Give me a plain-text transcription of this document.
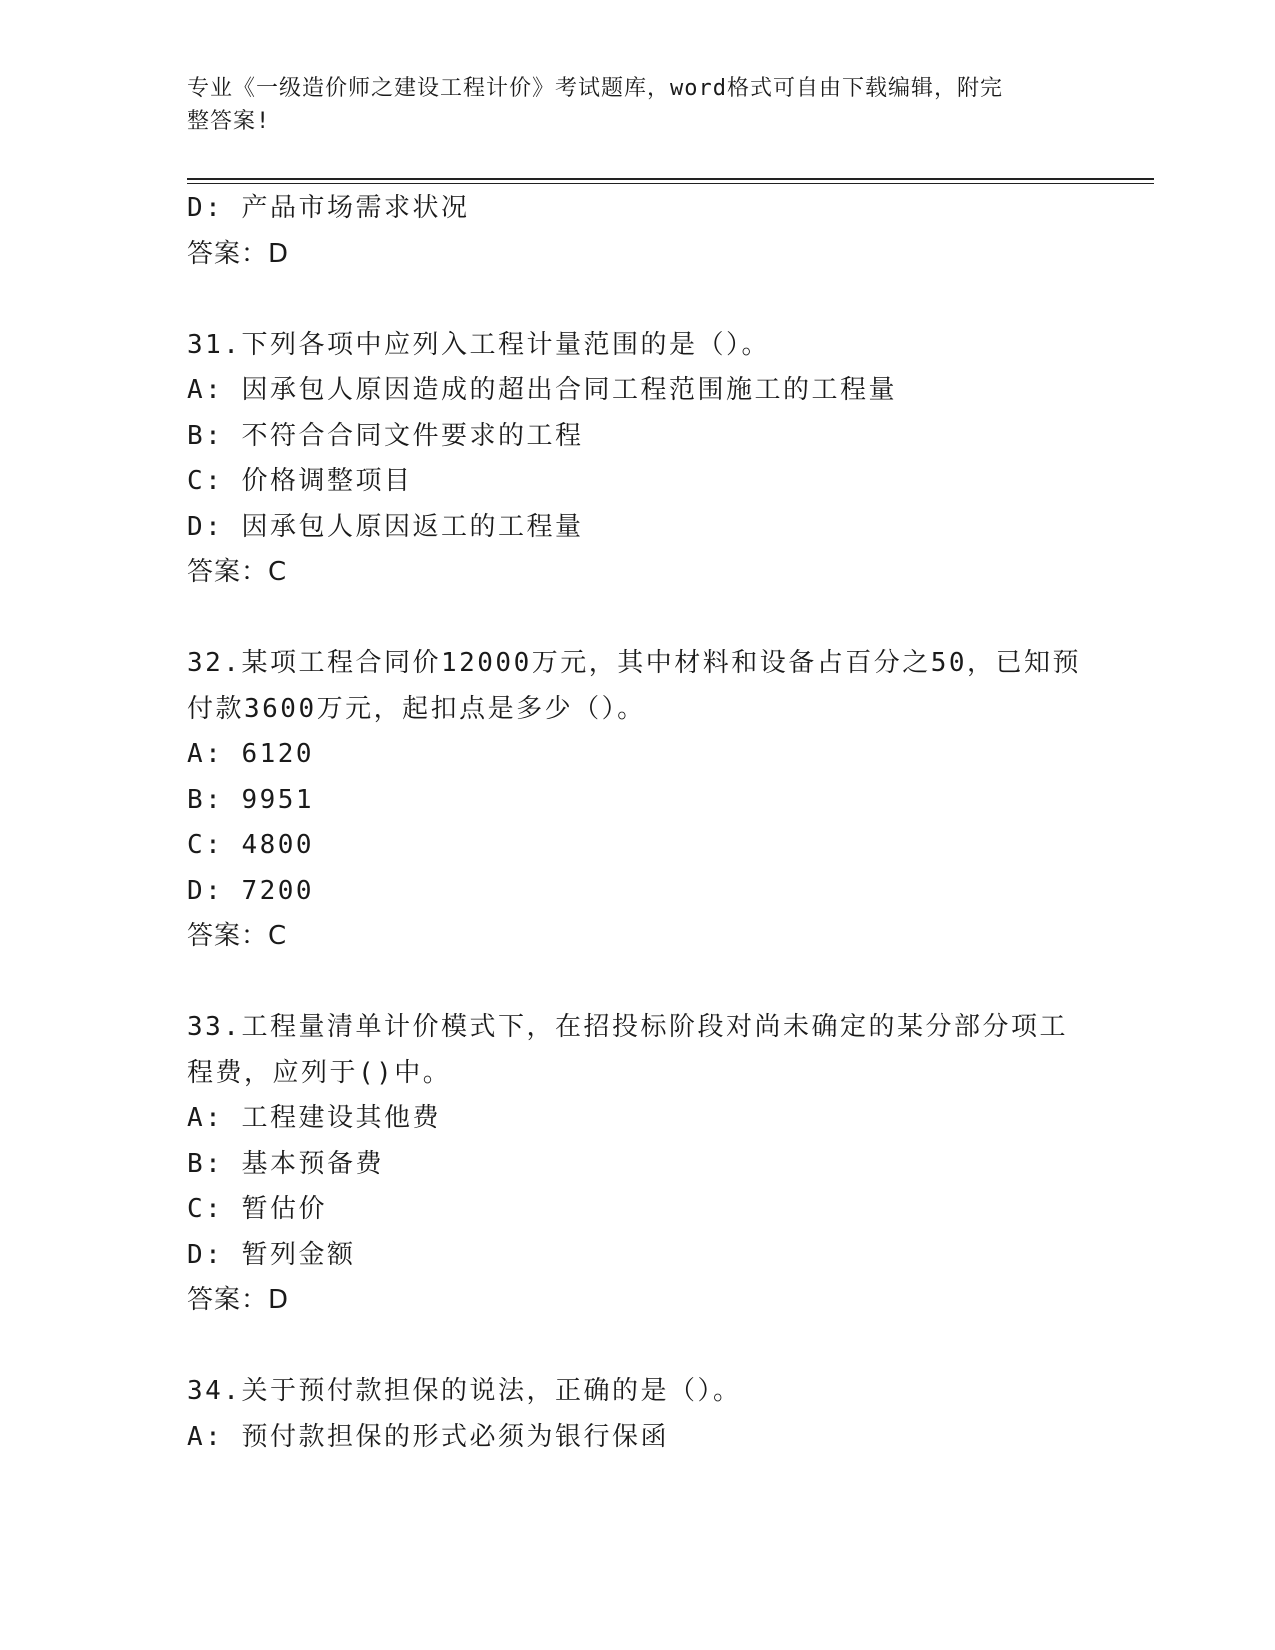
专业《一级造价师之建设工程计价》考试题库，word格式可自由下载编辑，附完
整答案!
D: 产品市场需求状况
答案：D
31.下列各项中应列入工程计量范围的是（）。
A: 因承包人原因造成的超出合同工程范围施工的工程量
B: 不符合合同文件要求的工程
C: 价格调整项目
D: 因承包人原因返工的工程量
答案：C
32.某项工程合同价12000万元，其中材料和设备占百分之50，已知预
付款3600万元，起扣点是多少（）。
A: 6120
B: 9951
C: 4800
D: 7200
答案：C
33.工程量清单计价模式下，在招投标阶段对尚未确定的某分部分项工
程费，应列于()中。
A: 工程建设其他费
B: 基本预备费
C: 暂估价
D: 暂列金额
答案：D
34.关于预付款担保的说法，正确的是（）。
A: 预付款担保的形式必须为银行保函
